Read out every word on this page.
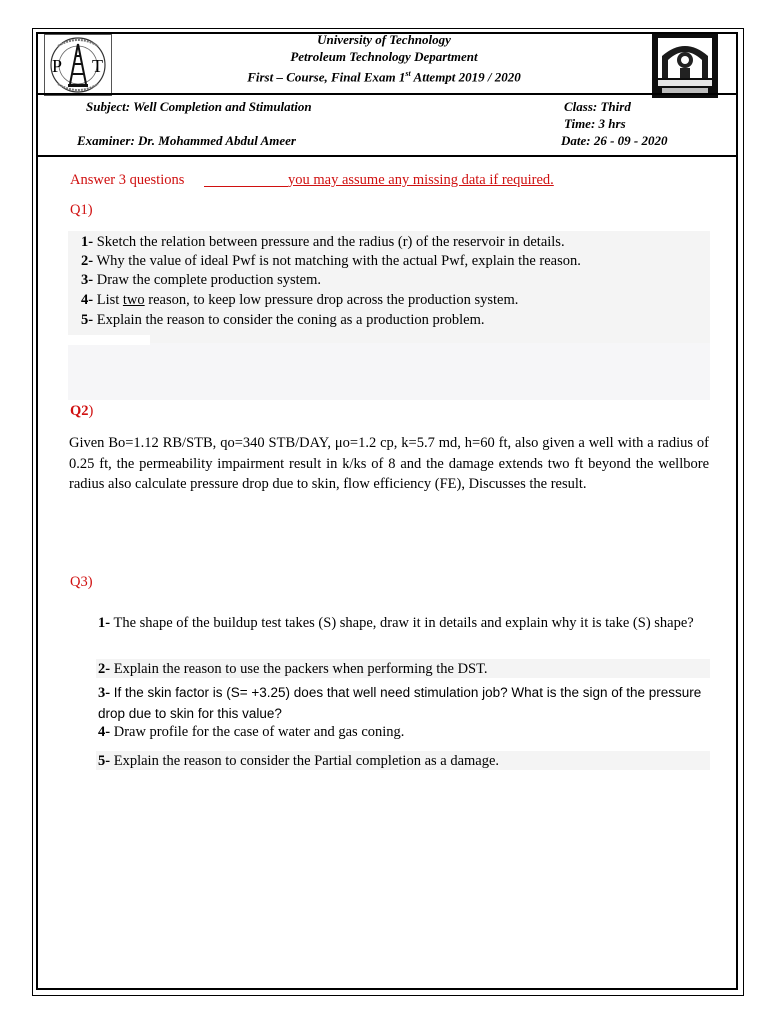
P T
University of Technology
Petroleum Technology Department
First – Course, Final Exam 1st Attempt 2019 / 2020
Subject: Well Completion and Stimulation	Class: Third
Time: 3 hrs
Examiner: Dr. Mohammed Abdul Ameer	Date: 26 - 09 - 2020
Answer 3 questions	you may assume any missing data if required.
Q1)
1- Sketch the relation between pressure and the radius (r) of the reservoir in details.
2- Why the value of ideal Pwf is not matching with the actual Pwf, explain the reason.
3- Draw the complete production system.
4- List two reason, to keep low pressure drop across the production system.
5- Explain the reason to consider the coning as a production problem.
Q2)
Given Bo=1.12 RB/STB, qo=340 STB/DAY, μo=1.2 cp, k=5.7 md, h=60 ft, also given a well with a radius of 0.25 ft, the permeability impairment result in k/ks of 8 and the damage extends two ft beyond the wellbore radius also calculate pressure drop due to skin, flow efficiency (FE), Discusses the result.
Q3)
1- The shape of the buildup test takes (S) shape, draw it in details and explain why it is take (S) shape?
2- Explain the reason to use the packers when performing the DST.
3- If the skin factor is (S= +3.25) does that well need stimulation job? What is the sign of the pressure drop due to skin for this value?
4- Draw profile for the case of water and gas coning.
5- Explain the reason to consider the Partial completion as a damage.
